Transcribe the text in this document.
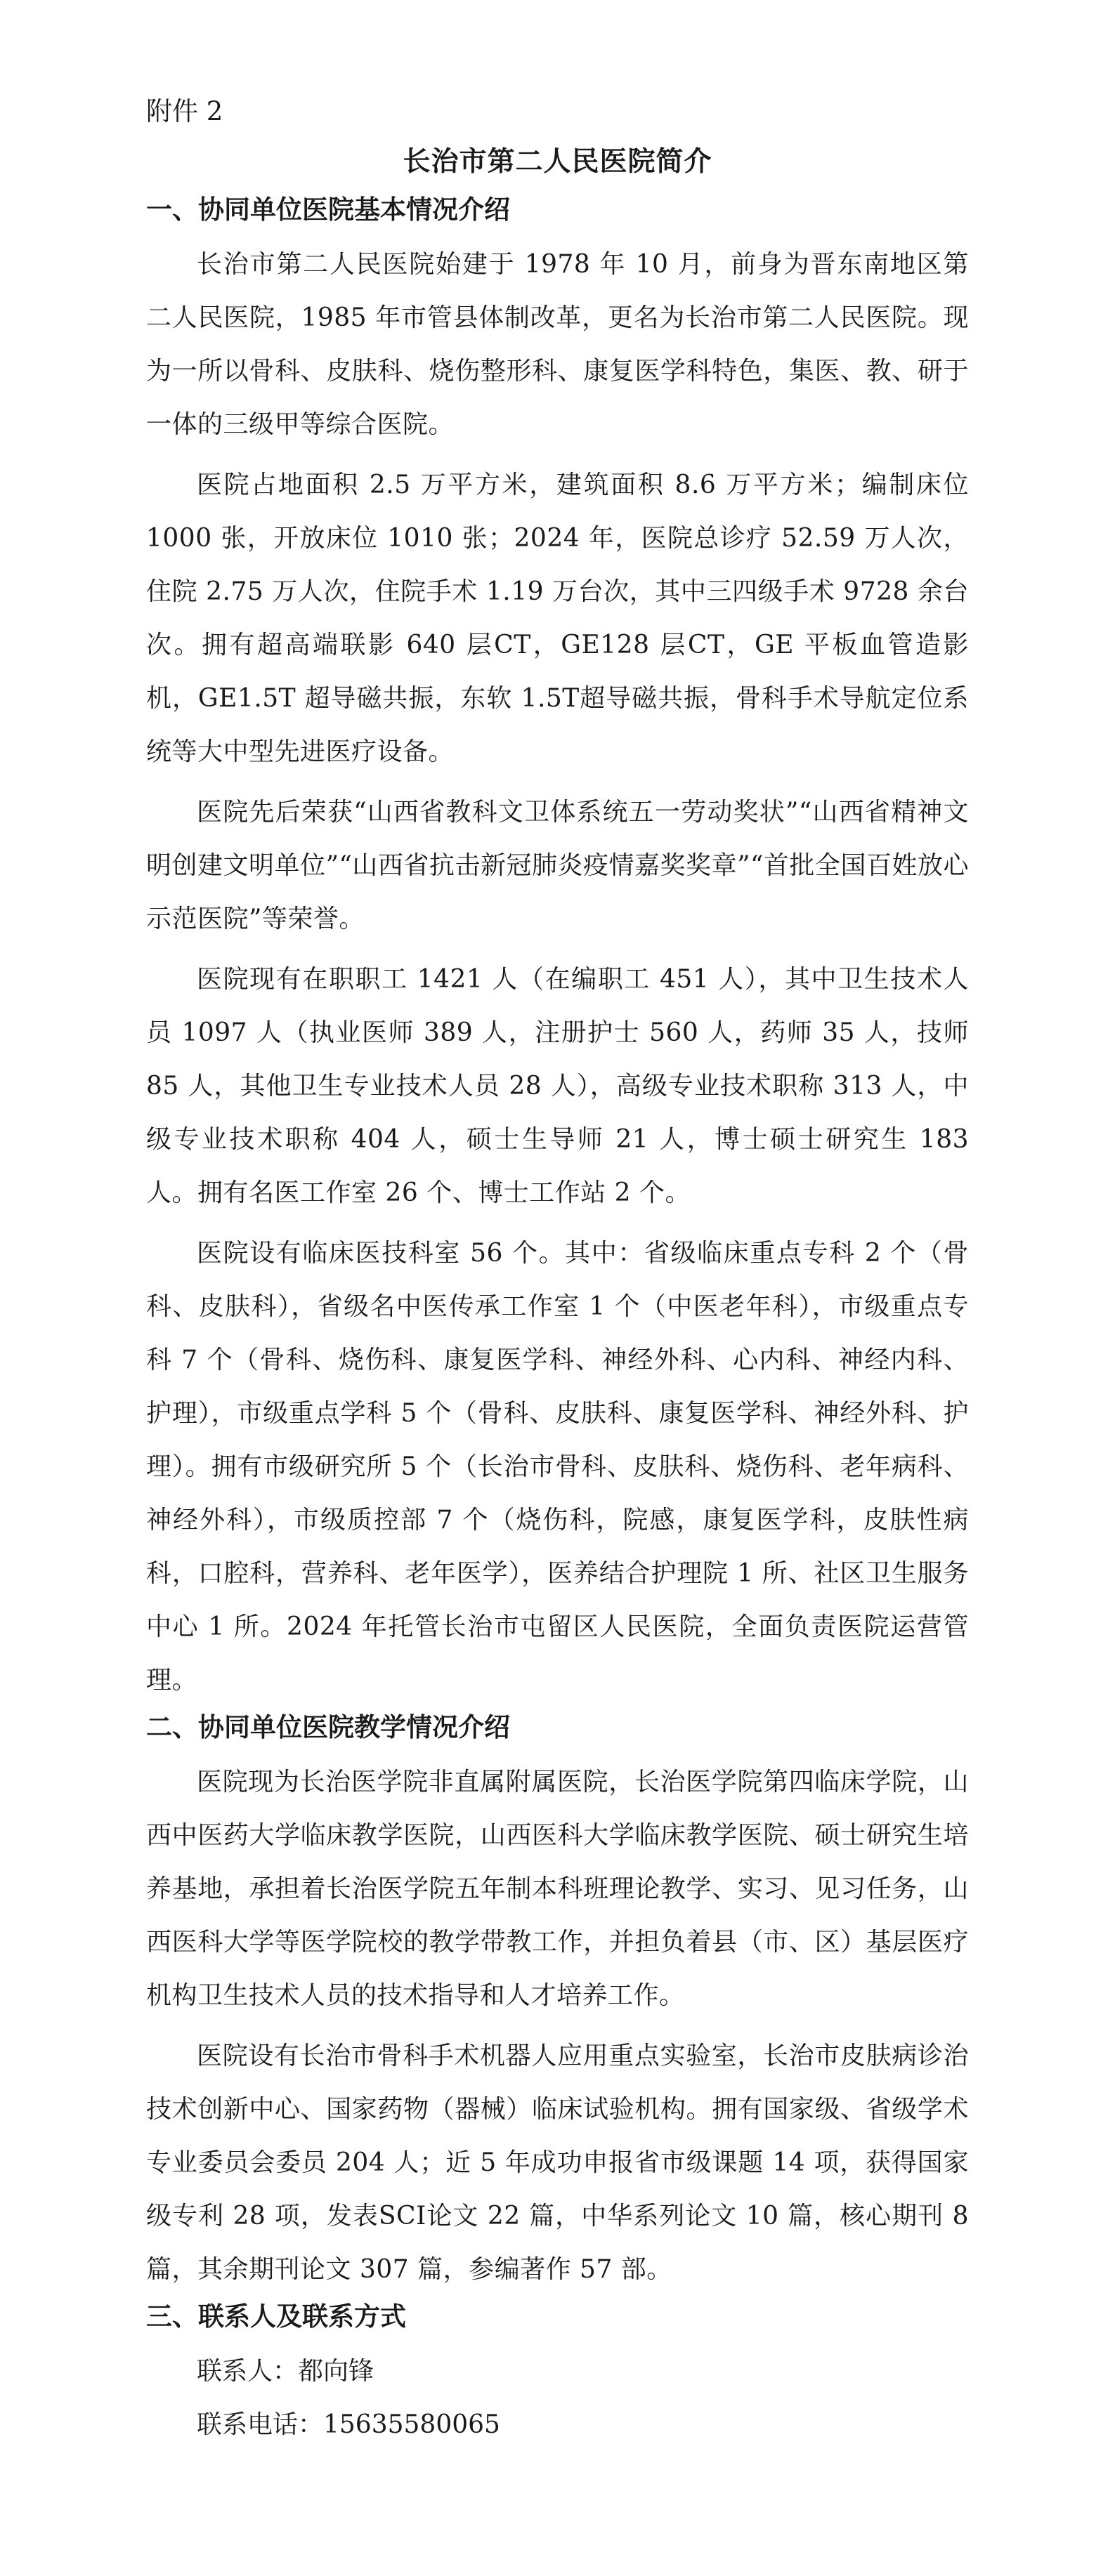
附件 2
长治市第二人民医院简介
一、协同单位医院基本情况介绍

长治市第二人民医院始建于 1978 年 10 月，前身为晋东南地区第二人民医院，1985 年市管县体制改革，更名为长治市第二人民医院。现为一所以骨科、皮肤科、烧伤整形科、康复医学科特色，集医、教、研于一体的三级甲等综合医院。

医院占地面积 2.5 万平方米，建筑面积 8.6 万平方米；编制床位 1000 张，开放床位 1010 张；2024 年，医院总诊疗 52.59 万人次，住院 2.75 万人次，住院手术 1.19 万台次，其中三四级手术 9728 余台次。拥有超高端联影 640 层CT，GE128 层CT，GE 平板血管造影机，GE1.5T 超导磁共振，东软 1.5T超导磁共振，骨科手术导航定位系统等大中型先进医疗设备。

医院先后荣获“山西省教科文卫体系统五一劳动奖状”“山西省精神文明创建文明单位”“山西省抗击新冠肺炎疫情嘉奖奖章”“首批全国百姓放心示范医院”等荣誉。

医院现有在职职工 1421 人（在编职工 451 人），其中卫生技术人员 1097 人（执业医师 389 人，注册护士 560 人，药师 35 人，技师 85 人，其他卫生专业技术人员 28 人），高级专业技术职称 313 人，中级专业技术职称 404 人，硕士生导师 21 人，博士硕士研究生 183 人。拥有名医工作室 26 个、博士工作站 2 个。

医院设有临床医技科室 56 个。其中：省级临床重点专科 2 个（骨科、皮肤科），省级名中医传承工作室 1 个（中医老年科），市级重点专科 7 个（骨科、烧伤科、康复医学科、神经外科、心内科、神经内科、护理），市级重点学科 5 个（骨科、皮肤科、康复医学科、神经外科、护理）。拥有市级研究所 5 个（长治市骨科、皮肤科、烧伤科、老年病科、神经外科），市级质控部 7 个（烧伤科，院感，康复医学科，皮肤性病科，口腔科，营养科、老年医学），医养结合护理院 1 所、社区卫生服务中心 1 所。2024 年托管长治市屯留区人民医院，全面负责医院运营管理。

二、协同单位医院教学情况介绍

医院现为长治医学院非直属附属医院，长治医学院第四临床学院，山西中医药大学临床教学医院，山西医科大学临床教学医院、硕士研究生培养基地，承担着长治医学院五年制本科班理论教学、实习、见习任务，山西医科大学等医学院校的教学带教工作，并担负着县（市、区）基层医疗机构卫生技术人员的技术指导和人才培养工作。

医院设有长治市骨科手术机器人应用重点实验室，长治市皮肤病诊治技术创新中心、国家药物（器械）临床试验机构。拥有国家级、省级学术专业委员会委员 204 人；近 5 年成功申报省市级课题 14 项，获得国家级专利 28 项，发表SCI论文 22 篇，中华系列论文 10 篇，核心期刊 8 篇，其余期刊论文 307 篇，参编著作 57 部。

三、联系人及联系方式

联系人：都向锋

联系电话：15635580065
